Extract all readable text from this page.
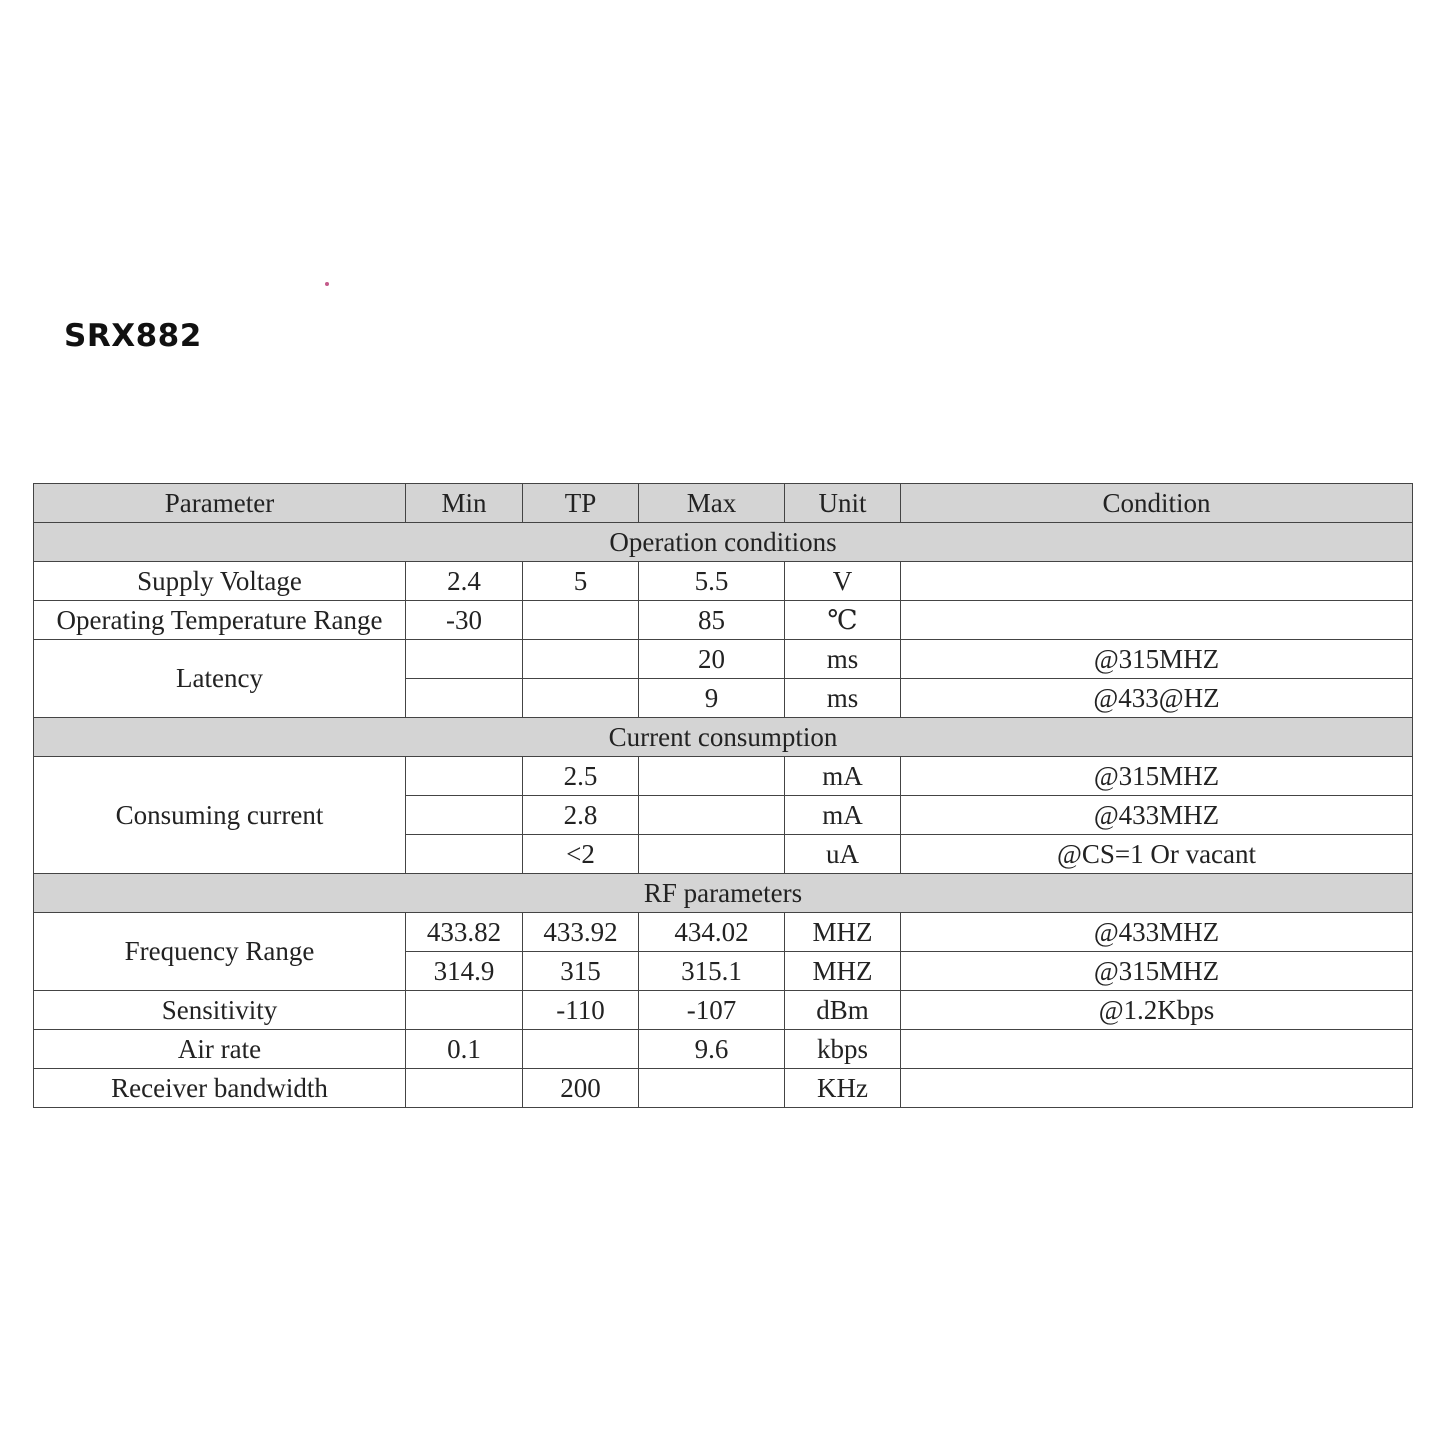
SRX882
Parameter	Min	TP	Max	Unit	Condition
Operation conditions					
Supply Voltage	2.4	5	5.5	V	
Operating Temperature Range	-30		85	℃	
Latency			20	ms	@315MHZ
			9	ms	@433@HZ
Current consumption					
Consuming current		2.5		mA	@315MHZ
		2.8		mA	@433MHZ
		<2		uA	@CS=1 Or vacant
RF parameters					
Frequency Range	433.82	433.92	434.02	MHZ	@433MHZ
	314.9	315	315.1	MHZ	@315MHZ
Sensitivity		-110	-107	dBm	@1.2Kbps
Air rate	0.1		9.6	kbps	
Receiver bandwidth		200		KHz	
